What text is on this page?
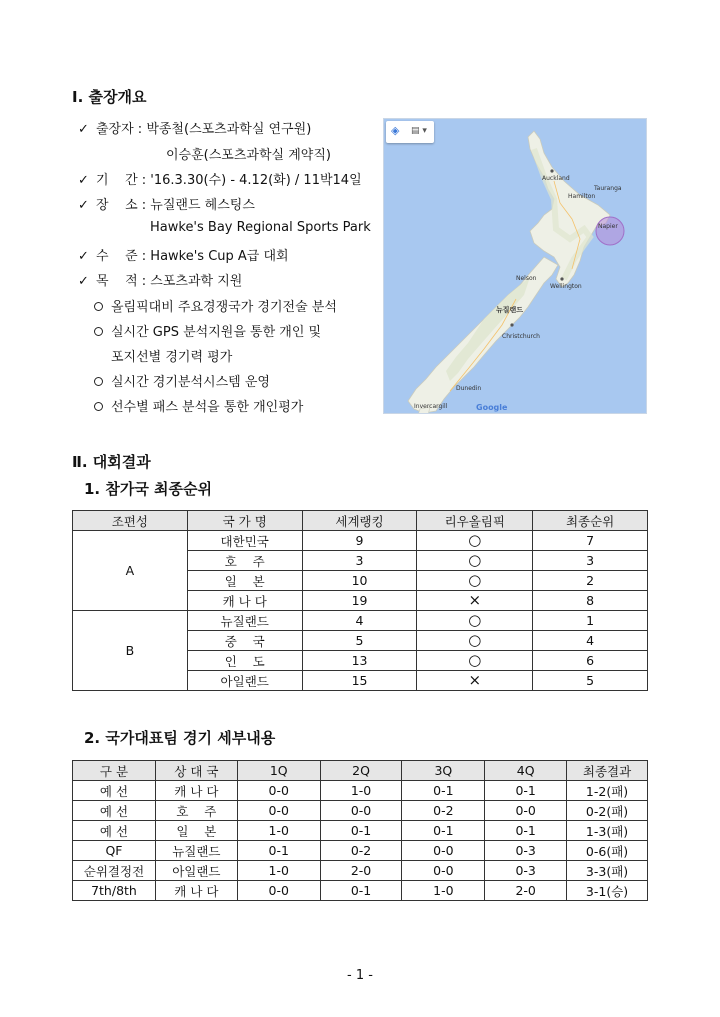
Ⅰ. 출장개요
✓ 출장자 : 박종철(스포츠과학실 연구원)
이승훈(스포츠과학실 계약직)
✓ 기    간 : '16.3.30(수) - 4.12(화) / 11박14일
✓ 장    소 : 뉴질랜드 헤스팅스
Hawke's Bay Regional Sports Park
✓ 수    준 : Hawke's Cup A급 대회
✓ 목    적 : 스포츠과학 지원
올림픽대비 주요경쟁국가 경기전술 분석
실시간 GPS 분석지원을 통한 개인 및
포지선별 경기력 평가
실시간 경기분석시스템 운영
선수별 패스 분석을 통한 개인평가
◈	▤ ▾
Auckland
Hamilton
Tauranga
Napier
Nelson
Wellington
뉴질랜드
Christchurch
Dunedin
Invercargill	Google
Ⅱ. 대회결과
1. 참가국 최종순위
조편성	국 가 명	세계랭킹	리우올림픽	최종순위
A	대한민국	9	○	7
	호    주	3	○	3
	일    본	10	○	2
	캐 나 다	19	×	8
B	뉴질랜드	4	○	1
	중    국	5	○	4
	인    도	13	○	6
	아일랜드	15	×	5
2. 국가대표팀 경기 세부내용
구 분	상 대 국	1Q	2Q	3Q	4Q	최종결과
예 선	캐 나 다	0-0	1-0	0-1	0-1	1-2(패)
예 선	호    주	0-0	0-0	0-2	0-0	0-2(패)
예 선	일    본	1-0	0-1	0-1	0-1	1-3(패)
QF	뉴질랜드	0-1	0-2	0-0	0-3	0-6(패)
순위결정전	아일랜드	1-0	2-0	0-0	0-3	3-3(패)
7th/8th	캐 나 다	0-0	0-1	1-0	2-0	3-1(승)
- 1 -
